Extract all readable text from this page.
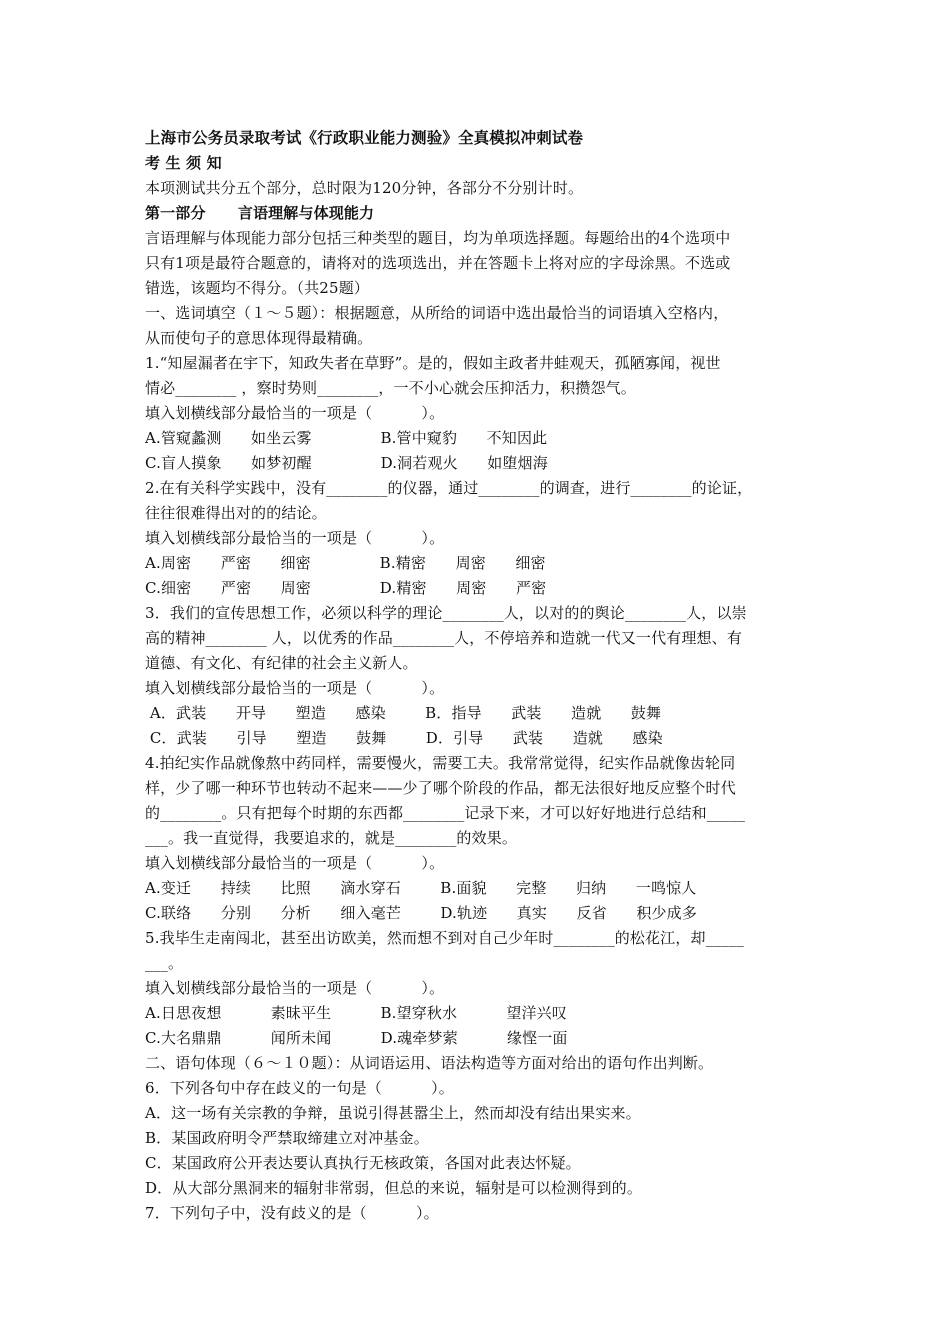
上海市公务员录取考试《行政职业能力测验》全真模拟冲刺试卷
考 生 须 知
本项测试共分五个部分，总时限为120分钟，各部分不分别计时。
第一部分      言语理解与体现能力
言语理解与体现能力部分包括三种类型的题目，均为单项选择题。每题给出的4个选项中
只有1项是最符合题意的，请将对的选项选出，并在答题卡上将对应的字母涂黑。不选或
错选，该题均不得分。（共25题）
一、选词填空（１～５题）：根据题意，从所给的词语中选出最恰当的词语填入空格内，
从而使句子的意思体现得最精确。
1.“知屋漏者在宇下，知政失者在草野”。是的，假如主政者井蛙观天，孤陋寡闻，视世
情必________ ，察时势则________，一不小心就会压抑活力，积攒怨气。
填入划横线部分最恰当的一项是（          ）。
A.管窥蠡测      如坐云雾              B.管中窥豹      不知因此
C.盲人摸象      如梦初醒              D.洞若观火      如堕烟海
2.在有关科学实践中，没有________的仪器，通过________的调查，进行________的论证，
往往很难得出对的的结论。
填入划横线部分最恰当的一项是（          ）。
A.周密      严密      细密              B.精密      周密      细密
C.细密      严密      周密              D.精密      周密      严密
3．我们的宣传思想工作，必须以科学的理论________人，以对的的舆论________人，以崇
高的精神________ 人，以优秀的作品________人，不停培养和造就一代又一代有理想、有
道德、有文化、有纪律的社会主义新人。
填入划横线部分最恰当的一项是（          ）。
A．武装      开导      塑造      感染        B．指导      武装      造就      鼓舞
C．武装      引导      塑造      鼓舞        D．引导      武装      造就      感染
4.拍纪实作品就像熬中药同样，需要慢火，需要工夫。我常常觉得，纪实作品就像齿轮同
样，少了哪一种环节也转动不起来——少了哪个阶段的作品，都无法很好地反应整个时代
的________。只有把每个时期的东西都________记录下来，才可以好好地进行总结和_____
___。我一直觉得，我要追求的，就是________的效果。
填入划横线部分最恰当的一项是（          ）。
A.变迁      持续      比照      滴水穿石        B.面貌      完整      归纳      一鸣惊人
C.联络      分别      分析      细入毫芒        D.轨迹      真实      反省      积少成多
5.我毕生走南闯北，甚至出访欧美，然而想不到对自己少年时________的松花江，却_____
___。
填入划横线部分最恰当的一项是（          ）。
A.日思夜想          素昧平生          B.望穿秋水          望洋兴叹
C.大名鼎鼎          闻所未闻          D.魂牵梦萦          缘悭一面
二、语句体现（６～１０题）：从词语运用、语法构造等方面对给出的语句作出判断。
6．下列各句中存在歧义的一句是（          ）。
A．这一场有关宗教的争辩，虽说引得甚嚣尘上，然而却没有结出果实来。
B．某国政府明令严禁取缔建立对冲基金。
C．某国政府公开表达要认真执行无核政策，各国对此表达怀疑。
D．从大部分黑洞来的辐射非常弱，但总的来说，辐射是可以检测得到的。
7．下列句子中，没有歧义的是（          ）。
